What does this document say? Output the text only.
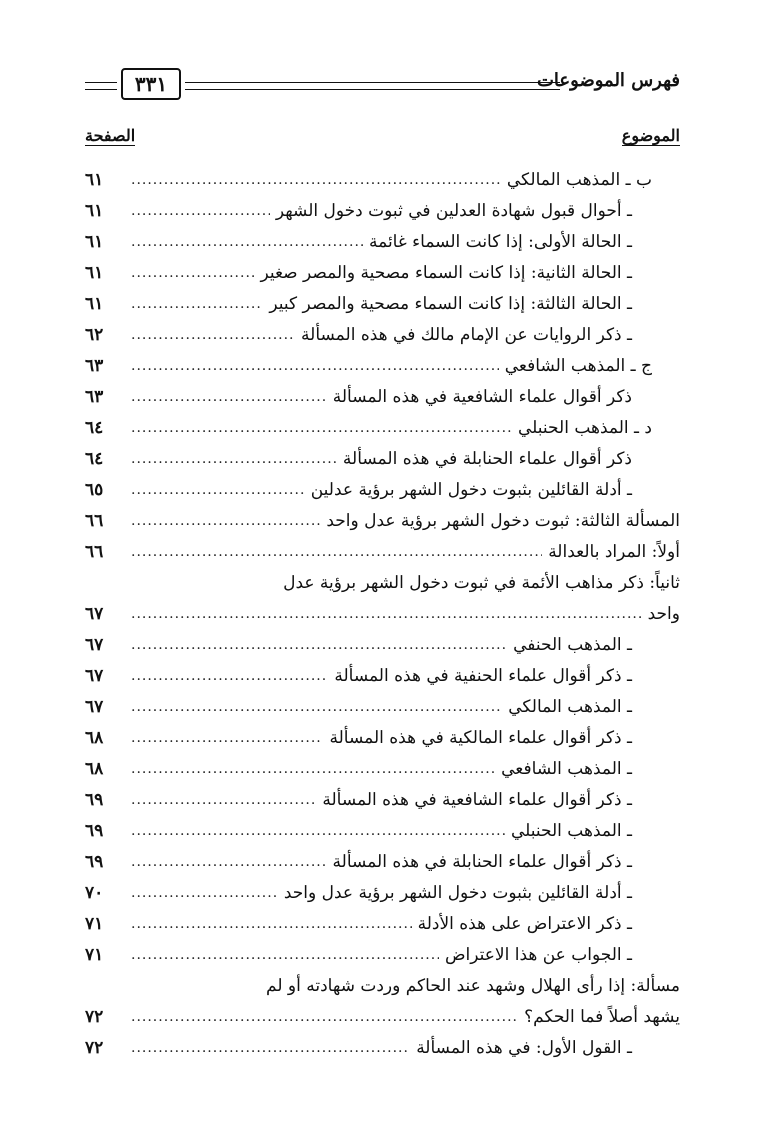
فهرس الموضوعات
٣٣١
الموضوع
الصفحة
ب ـ المذهب المالكي
.....
٦١
ـ أحوال قبول شهادة العدلين في ثبوت دخول الشهر
.....
٦١
ـ الحالة الأولى: إذا كانت السماء غائمة
.....
٦١
ـ الحالة الثانية: إذا كانت السماء مصحية والمصر صغير
.....
٦١
ـ الحالة الثالثة: إذا كانت السماء مصحية والمصر كبير
.....
٦١
ـ ذكر الروايات عن الإمام مالك في هذه المسألة
.....
٦٢
ج ـ المذهب الشافعي
.....
٦٣
ذكر أقوال علماء الشافعية في هذه المسألة
.....
٦٣
د ـ المذهب الحنبلي
.....
٦٤
ذكر أقوال علماء الحنابلة في هذه المسألة
.....
٦٤
ـ أدلة القائلين بثبوت دخول الشهر برؤية عدلين
.....
٦٥
المسألة الثالثة: ثبوت دخول الشهر برؤية عدل واحد
.....
٦٦
أولاً: المراد بالعدالة
.....
٦٦
ثانياً: ذكر مذاهب الأئمة في ثبوت دخول الشهر برؤية عدل
واحد
.....
٦٧
ـ المذهب الحنفي
.....
٦٧
ـ ذكر أقوال علماء الحنفية في هذه المسألة
.....
٦٧
ـ المذهب المالكي
.....
٦٧
ـ ذكر أقوال علماء المالكية في هذه المسألة
.....
٦٨
ـ المذهب الشافعي
.....
٦٨
ـ ذكر أقوال علماء الشافعية في هذه المسألة
.....
٦٩
ـ المذهب الحنبلي
.....
٦٩
ـ ذكر أقوال علماء الحنابلة في هذه المسألة
.....
٦٩
ـ أدلة القائلين بثبوت دخول الشهر برؤية عدل واحد
.....
٧٠
ـ ذكر الاعتراض على هذه الأدلة
.....
٧١
ـ الجواب عن هذا الاعتراض
.....
٧١
مسألة: إذا رأى الهلال وشهد عند الحاكم وردت شهادته أو لم
يشهد أصلاً فما الحكم؟
.....
٧٢
ـ القول الأول: في هذه المسألة
.....
٧٢
